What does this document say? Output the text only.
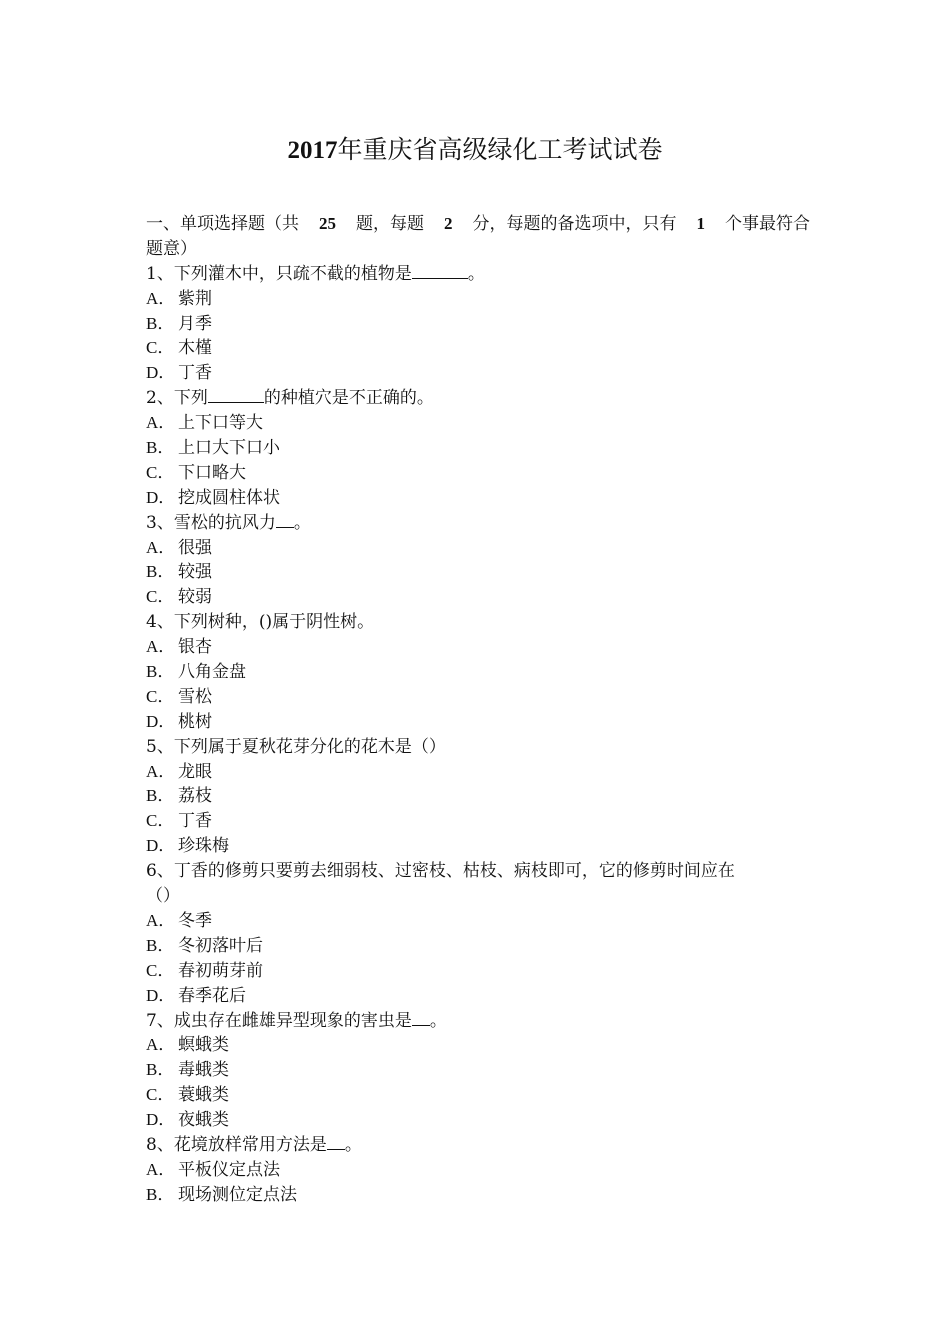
2017年重庆省高级绿化工考试试卷
一、单项选择题（共 25 题，每题 2 分，每题的备选项中，只有 1 个事最符合
题意）
1、下列灌木中，只疏不截的植物是	。
A． 紫荆
B． 月季
C． 木槿
D． 丁香
2、下列	的种植穴是不正确的。
A． 上下口等大
B． 上口大下口小
C． 下口略大
D． 挖成圆柱体状
3、雪松的抗风力 。
A． 很强
B． 较强
C． 较弱
4、下列树种，()属于阴性树。
A． 银杏
B． 八角金盘
C． 雪松
D． 桃树
5、下列属于夏秋花芽分化的花木是（）
A． 龙眼
B． 荔枝
C． 丁香
D． 珍珠梅
6、丁香的修剪只要剪去细弱枝、过密枝、枯枝、病枝即可，它的修剪时间应在
（）
A． 冬季
B． 冬初落叶后
C． 春初萌芽前
D． 春季花后
7、成虫存在雌雄异型现象的害虫是 。
A． 螟蛾类
B． 毒蛾类
C． 蓑蛾类
D． 夜蛾类
8、花境放样常用方法是 。
A． 平板仪定点法
B． 现场测位定点法
